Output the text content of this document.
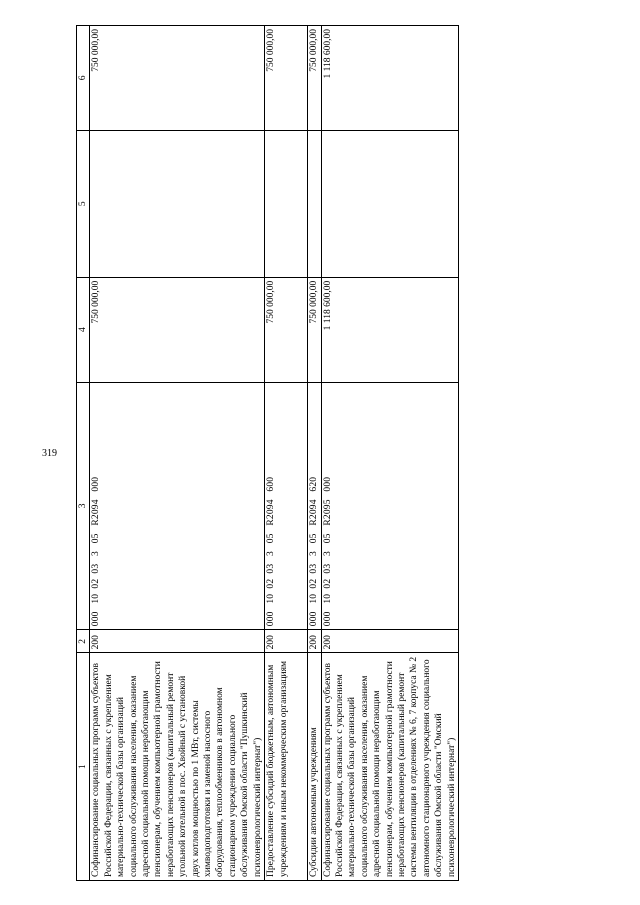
319
1	2	3	4	5	6
Софинансирование социальных программ субъектов Российской Федерации, связанных с укреплением материально-технической базы организаций социального обслуживания населения, оказанием адресной социальной помощи неработающим пенсионерам, обучением компьютерной грамотности неработающих пенсионеров (капитальный ремонт угольной котельной в пос. Хвойный с установкой двух котлов мощностью по 1 МВт, системы химводоподготовки и заменой насосного оборудования, теплообменников в автономном стационарном учреждении социального обслуживания Омской области "Пушкинский психоневрологический интернат")	200	000   10  02  03   3   05   R2094   000	750 000,00		750 000,00
Предоставление субсидий бюджетным, автономным учреждениям и иным некоммерческим организациям	200	000   10  02  03   3   05   R2094   600	750 000,00		750 000,00
Субсидии автономным учреждениям	200	000   10  02  03   3   05   R2094   620	750 000,00		750 000,00
Софинансирование социальных программ субъектов Российской Федерации, связанных с укреплением материально-технической базы организаций социального обслуживания населения, оказанием адресной социальной помощи неработающим пенсионерам, обучением компьютерной грамотности неработающих пенсионеров (капитальный ремонт системы вентиляции в отделениях № 6, 7 корпуса № 2 автономного стационарного учреждения социального обслуживания Омской области "Омский психоневрологический интернат")	200	000   10  02  03   3   05   R2095   000	1 118 600,00		1 118 600,00
